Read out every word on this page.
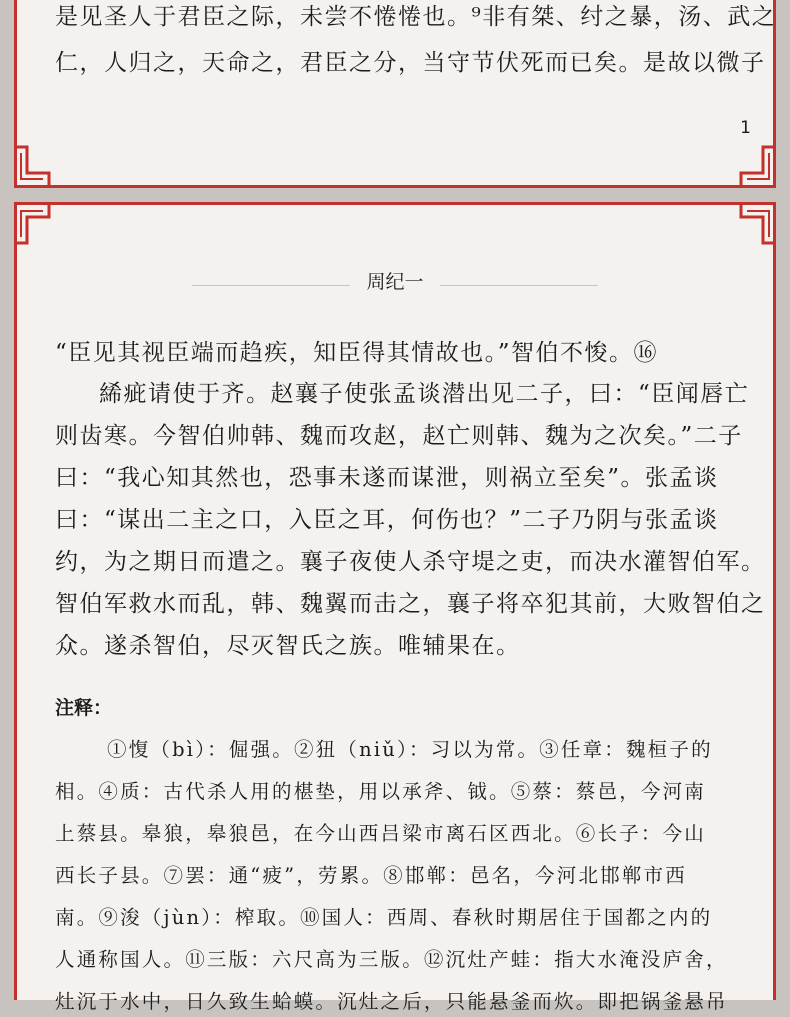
是见圣人于君臣之际，未尝不惓惓也。⁹非有桀、纣之暴，汤、武之
仁，人归之，天命之，君臣之分，当守节伏死而已矣。是故以微子
1
周纪一
“臣见其视臣端而趋疾，知臣得其情故也。”智伯不悛。⑯
絺疵请使于齐。赵襄子使张孟谈潜出见二子，曰：“臣闻唇亡
则齿寒。今智伯帅韩、魏而攻赵，赵亡则韩、魏为之次矣。”二子
曰：“我心知其然也，恐事未遂而谋泄，则祸立至矣”。张孟谈
曰：“谋出二主之口，入臣之耳，何伤也？”二子乃阴与张孟谈
约，为之期日而遣之。襄子夜使人杀守堤之吏，而决水灌智伯军。
智伯军救水而乱，韩、魏翼而击之，襄子将卒犯其前，大败智伯之
众。遂杀智伯，尽灭智氏之族。唯辅果在。
注释：
①愎（bì）：倔强。②狃（niǔ）：习以为常。③任章：魏桓子的
相。④质：古代杀人用的椹垫，用以承斧、钺。⑤蔡：蔡邑，今河南
上蔡县。皋狼，皋狼邑，在今山西吕梁市离石区西北。⑥长子：今山
西长子县。⑦罢：通“疲”，劳累。⑧邯郸：邑名，今河北邯郸市西
南。⑨浚（jùn）：榨取。⑩国人：西周、春秋时期居住于国都之内的
人通称国人。⑪三版：六尺高为三版。⑫沉灶产蛙：指大水淹没庐舍，
灶沉于水中，日久致生蛤蟆。沉灶之后，只能悬釜而炊。即把锅釜悬吊
